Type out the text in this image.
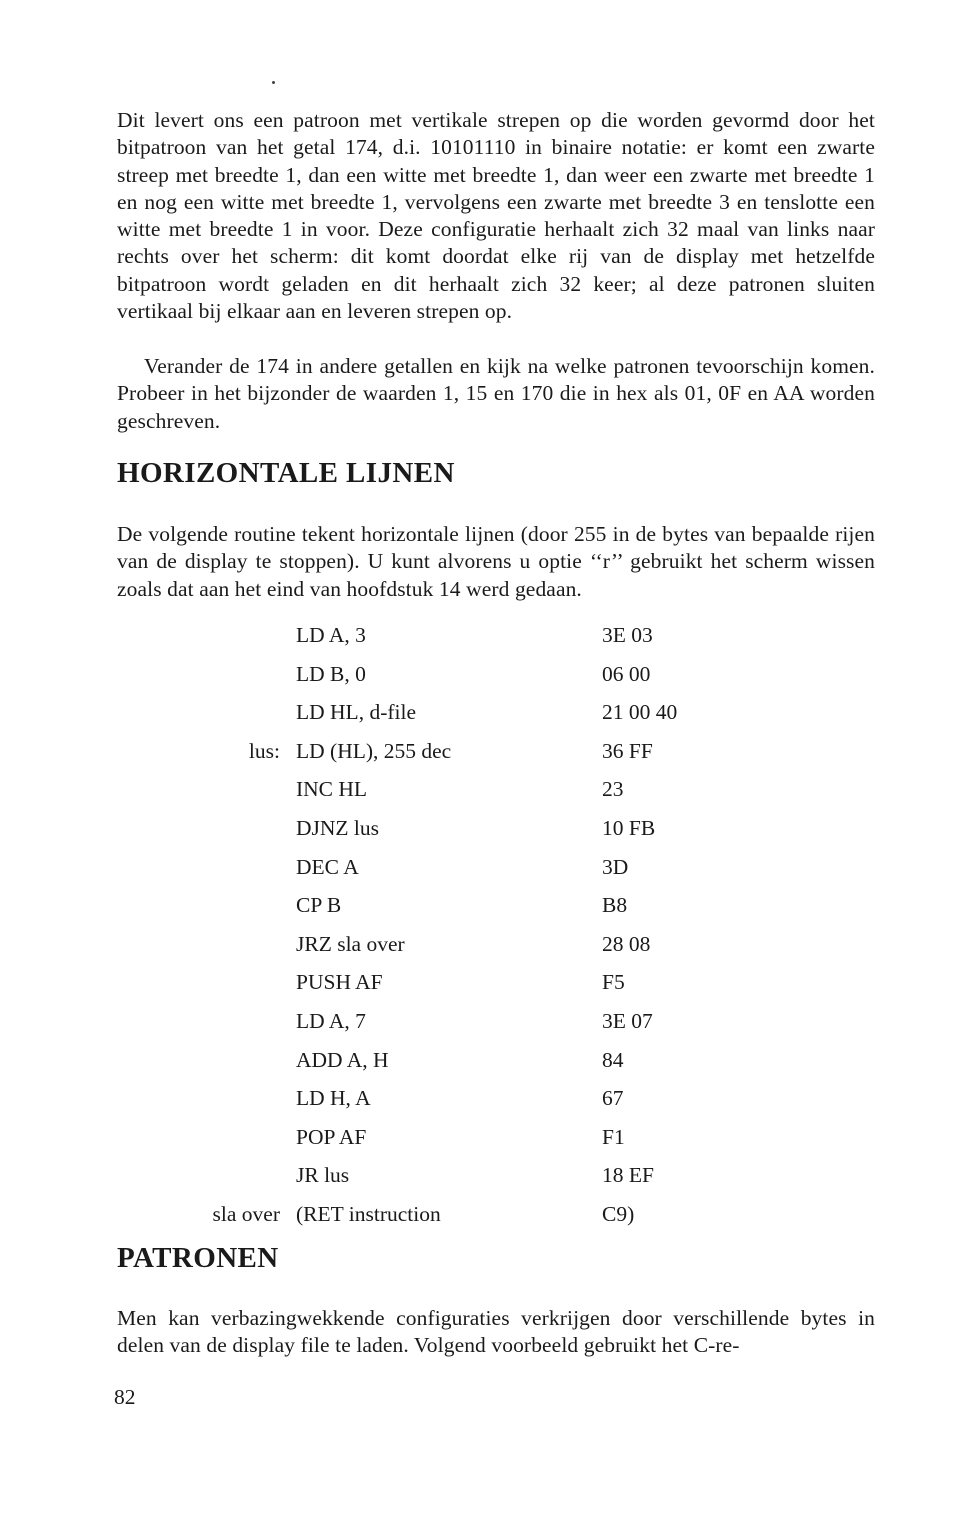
Dit levert ons een patroon met vertikale strepen op die worden gevormd door het bitpatroon van het getal 174, d.i. 10101110 in binaire notatie: er komt een zwarte streep met breedte 1, dan een witte met breedte 1, dan weer een zwarte met breedte 1 en nog een witte met breedte 1, vervolgens een zwarte met breedte 3 en tenslotte een witte met breedte 1 in voor. Deze configuratie herhaalt zich 32 maal van links naar rechts over het scherm: dit komt doordat elke rij van de display met hetzelfde bitpatroon wordt geladen en dit herhaalt zich 32 keer; al deze patronen sluiten vertikaal bij elkaar aan en leveren strepen op.

Verander de 174 in andere getallen en kijk na welke patronen tevoorschijn komen. Probeer in het bijzonder de waarden 1, 15 en 170 die in hex als 01, 0F en AA worden geschreven.

HORIZONTALE LIJNEN

De volgende routine tekent horizontale lijnen (door 255 in de bytes van bepaalde rijen van de display te stoppen). U kunt alvorens u optie ‘‘r’’ gebruikt het scherm wissen zoals dat aan het eind van hoofdstuk 14 werd gedaan.

LD A, 3	3E 03
LD B, 0	06 00
LD HL, d-file	21 00 40
lus: LD (HL), 255 dec	36 FF
INC HL	23
DJNZ lus	10 FB
DEC A	3D
CP B	B8
JRZ sla over	28 08
PUSH AF	F5
LD A, 7	3E 07
ADD A, H	84
LD H, A	67
POP AF	F1
JR lus	18 EF
sla over (RET instruction	C9)
PATRONEN

Men kan verbazingwekkende configuraties verkrijgen door verschillende bytes in delen van de display file te laden. Volgend voorbeeld gebruikt het C-re-

82
